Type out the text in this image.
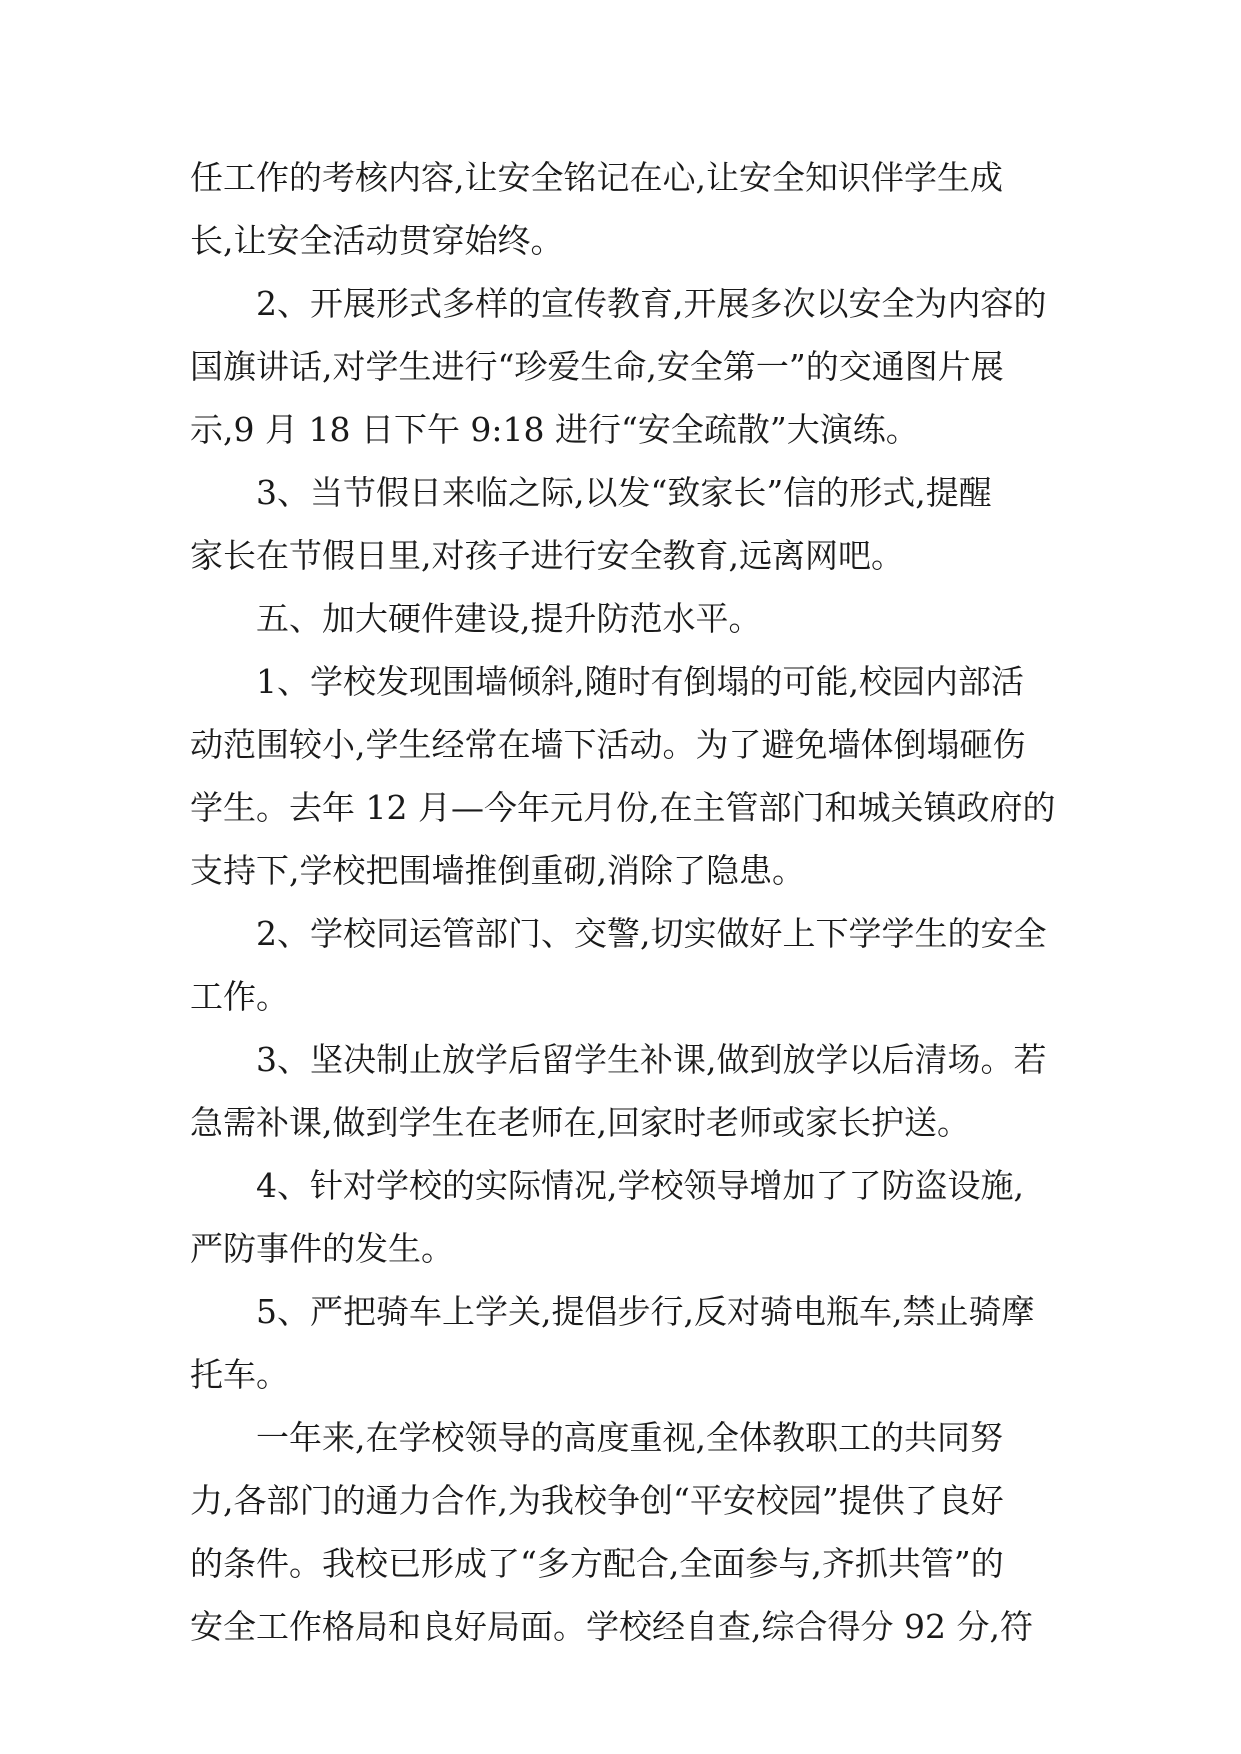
任工作的考核内容,让安全铭记在心,让安全知识伴学生成
长,让安全活动贯穿始终。
2、开展形式多样的宣传教育,开展多次以安全为内容的
国旗讲话,对学生进行“珍爱生命,安全第一”的交通图片展
示,9 月 18 日下午 9:18 进行“安全疏散”大演练。
3、当节假日来临之际,以发“致家长”信的形式,提醒
家长在节假日里,对孩子进行安全教育,远离网吧。
五、加大硬件建设,提升防范水平。
1、学校发现围墙倾斜,随时有倒塌的可能,校园内部活
动范围较小,学生经常在墙下活动。为了避免墙体倒塌砸伤
学生。去年 12 月—今年元月份,在主管部门和城关镇政府的
支持下,学校把围墙推倒重砌,消除了隐患。
2、学校同运管部门、交警,切实做好上下学学生的安全
工作。
3、坚决制止放学后留学生补课,做到放学以后清场。若
急需补课,做到学生在老师在,回家时老师或家长护送。
4、针对学校的实际情况,学校领导增加了了防盗设施,
严防事件的发生。
5、严把骑车上学关,提倡步行,反对骑电瓶车,禁止骑摩
托车。
一年来,在学校领导的高度重视,全体教职工的共同努
力,各部门的通力合作,为我校争创“平安校园”提供了良好
的条件。我校已形成了“多方配合,全面参与,齐抓共管”的
安全工作格局和良好局面。学校经自查,综合得分 92 分,符
